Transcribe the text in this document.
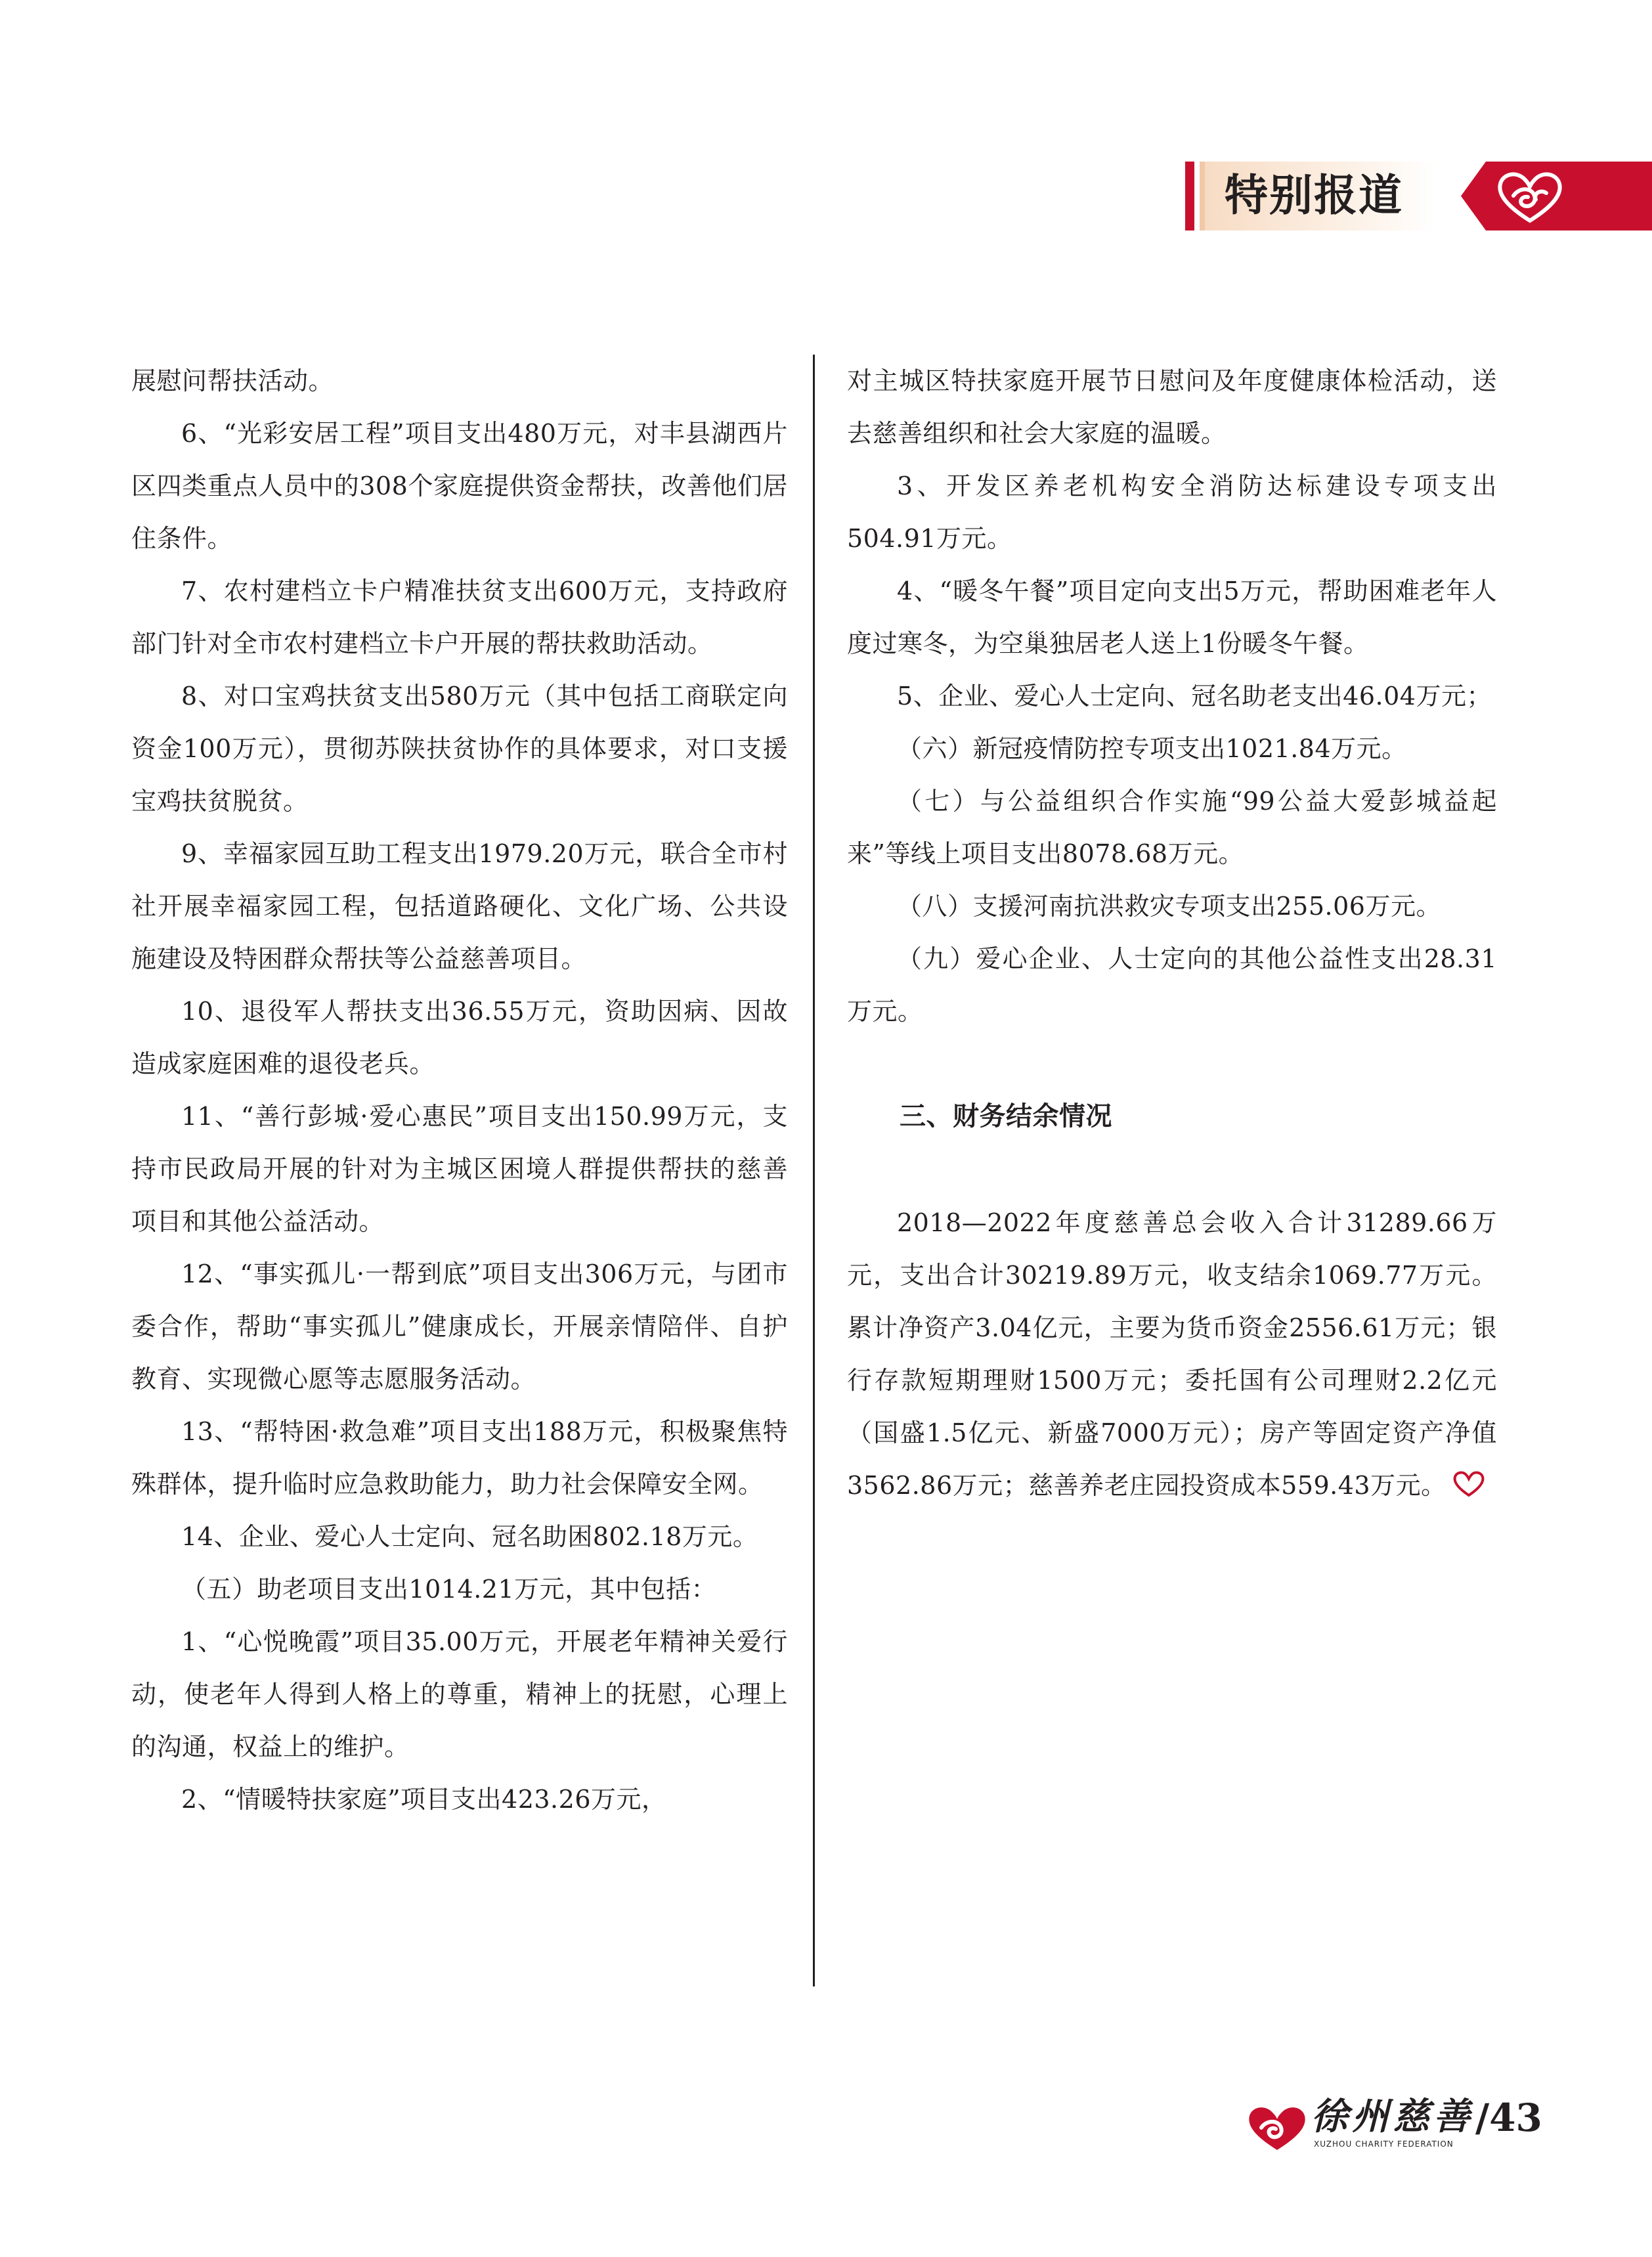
特别报道

展慰问帮扶活动。

6、“光彩安居工程”项目支出480万元，对丰县湖西片区四类重点人员中的308个家庭提供资金帮扶，改善他们居住条件。

7、农村建档立卡户精准扶贫支出600万元，支持政府部门针对全市农村建档立卡户开展的帮扶救助活动。

8、对口宝鸡扶贫支出580万元（其中包括工商联定向资金100万元），贯彻苏陕扶贫协作的具体要求，对口支援宝鸡扶贫脱贫。

9、幸福家园互助工程支出1979.20万元，联合全市村社开展幸福家园工程，包括道路硬化、文化广场、公共设施建设及特困群众帮扶等公益慈善项目。

10、退役军人帮扶支出36.55万元，资助因病、因故造成家庭困难的退役老兵。

11、“善行彭城·爱心惠民”项目支出150.99万元，支持市民政局开展的针对为主城区困境人群提供帮扶的慈善项目和其他公益活动。

12、“事实孤儿·一帮到底”项目支出306万元，与团市委合作，帮助“事实孤儿”健康成长，开展亲情陪伴、自护教育、实现微心愿等志愿服务活动。

13、“帮特困·救急难”项目支出188万元，积极聚焦特殊群体，提升临时应急救助能力，助力社会保障安全网。

14、企业、爱心人士定向、冠名助困802.18万元。

（五）助老项目支出1014.21万元，其中包括：

1、“心悦晚霞”项目35.00万元，开展老年精神关爱行动，使老年人得到人格上的尊重，精神上的抚慰，心理上的沟通，权益上的维护。

2、“情暖特扶家庭”项目支出423.26万元，

对主城区特扶家庭开展节日慰问及年度健康体检活动，送去慈善组织和社会大家庭的温暖。

3、开发区养老机构安全消防达标建设专项支出504.91万元。

4、“暖冬午餐”项目定向支出5万元，帮助困难老年人度过寒冬，为空巢独居老人送上1份暖冬午餐。

5、企业、爱心人士定向、冠名助老支出46.04万元；

（六）新冠疫情防控专项支出1021.84万元。

（七）与公益组织合作实施“99公益大爱彭城益起来”等线上项目支出8078.68万元。

（八）支援河南抗洪救灾专项支出255.06万元。

（九）爱心企业、人士定向的其他公益性支出28.31万元。

三、财务结余情况

2018—2022年度慈善总会收入合计31289.66万元，支出合计30219.89万元，收支结余1069.77万元。累计净资产3.04亿元，主要为货币资金2556.61万元；银行存款短期理财1500万元；委托国有公司理财2.2亿元（国盛1.5亿元、新盛7000万元）；房产等固定资产净值3562.86万元；慈善养老庄园投资成本559.43万元。

徐州慈善
XUZHOU CHARITY FEDERATION
/43
